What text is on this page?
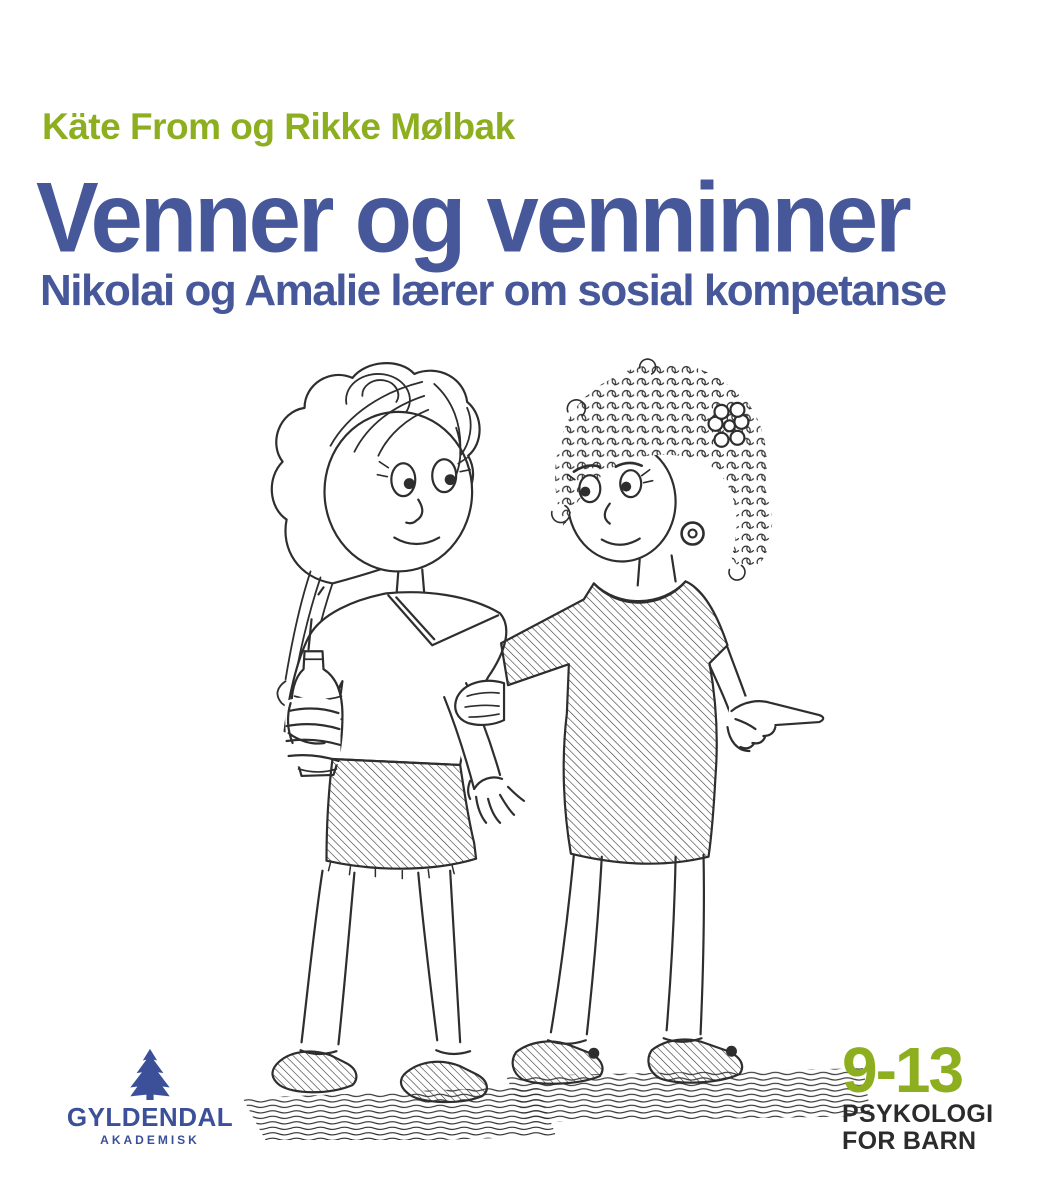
Käte From og Rikke Mølbak
Venner og venninner
Nikolai og Amalie lærer om sosial kompetanse
GYLDENDAL
AKADEMISK
9-13
PSYKOLOGI
FOR BARN
